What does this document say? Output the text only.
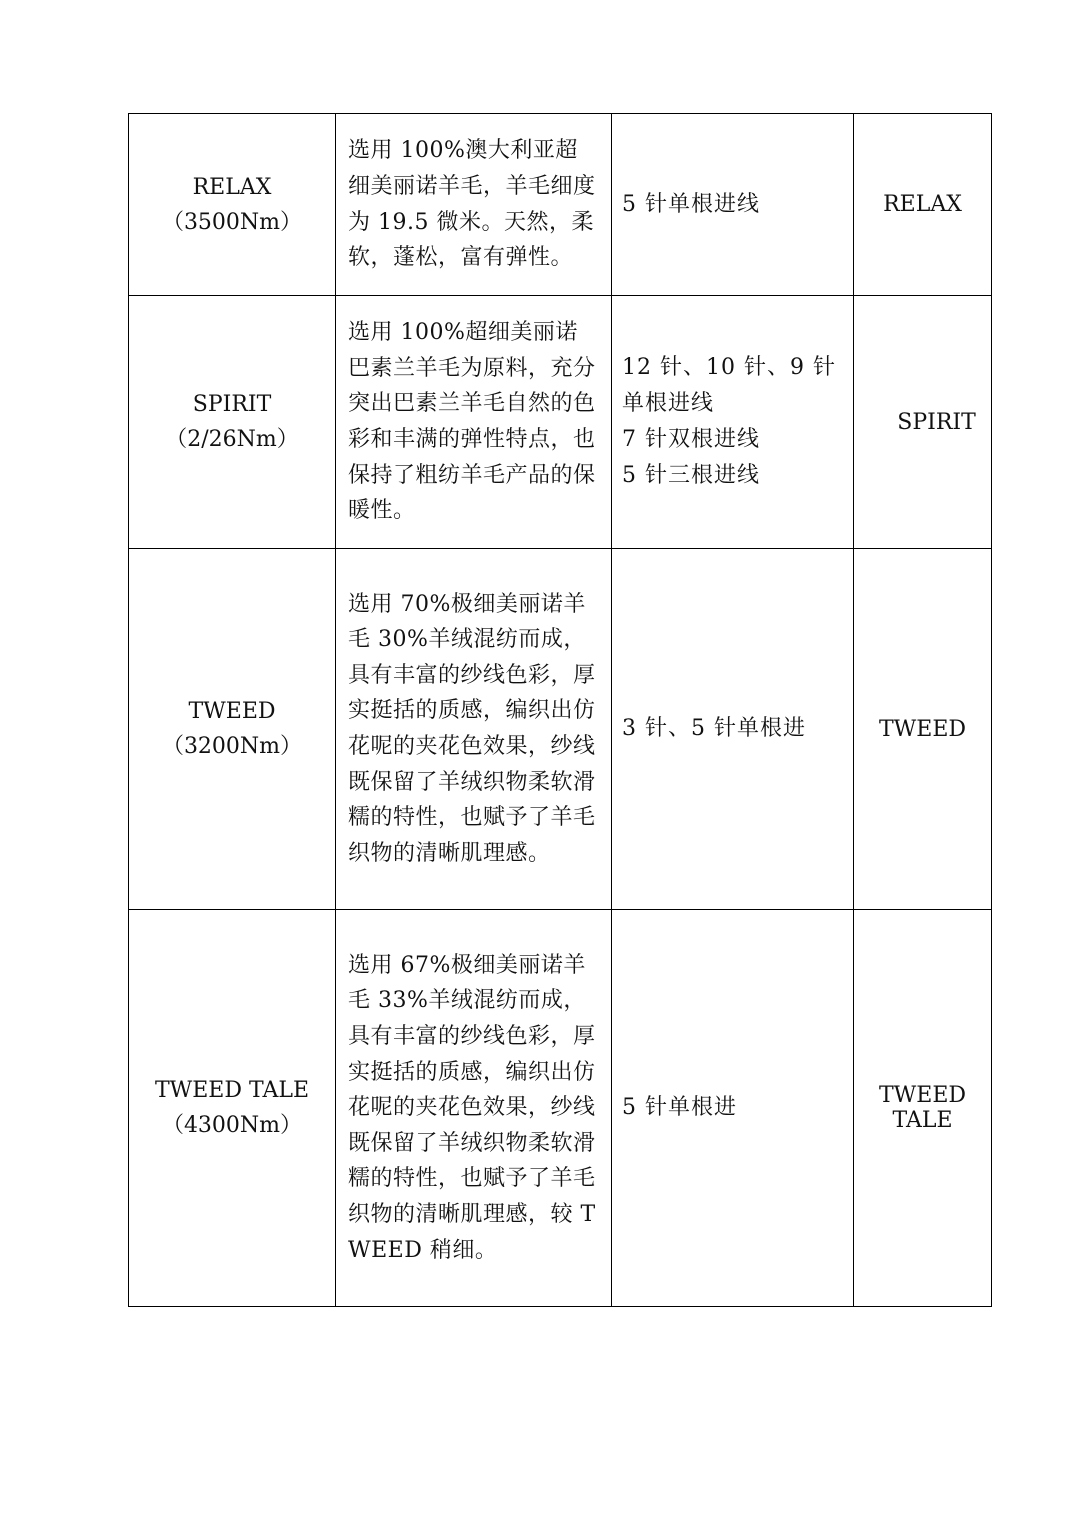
RELAX
（3500Nm）	选用 100%澳大利亚超细美丽诺羊毛，羊毛细度为 19.5 微米。天然，柔软，蓬松，富有弹性。	5 针单根进线	RELAX

SPIRIT
（2/26Nm）	选用 100%超细美丽诺巴素兰羊毛为原料，充分突出巴素兰羊毛自然的色彩和丰满的弹性特点，也保持了粗纺羊毛产品的保暖性。	12 针、10 针、9 针单根进线
7 针双根进线
5 针三根进线	SPIRIT

TWEED
（3200Nm）	选用 70%极细美丽诺羊毛 30%羊绒混纺而成，具有丰富的纱线色彩，厚实挺括的质感，编织出仿花呢的夹花色效果，纱线既保留了羊绒织物柔软滑糯的特性，也赋予了羊毛织物的清晰肌理感。	3 针、5 针单根进	TWEED

TWEED TALE
（4300Nm）	选用 67%极细美丽诺羊毛 33%羊绒混纺而成，具有丰富的纱线色彩，厚实挺括的质感，编织出仿花呢的夹花色效果，纱线既保留了羊绒织物柔软滑糯的特性，也赋予了羊毛织物的清晰肌理感，较 TWEED 稍细。	5 针单根进	TWEED TALE
